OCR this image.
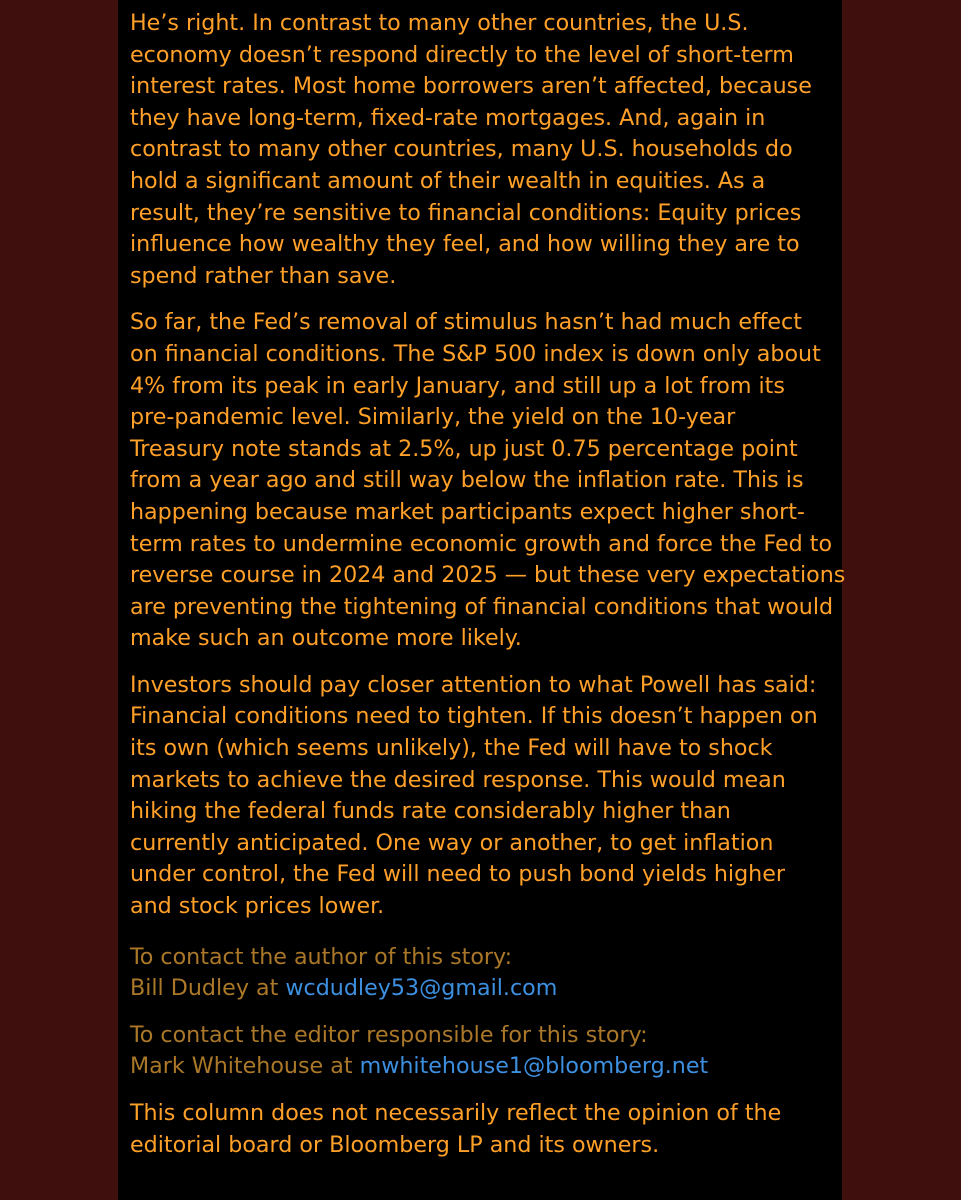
He’s right. In contrast to many other countries, the U.S.
economy doesn’t respond directly to the level of short-term
interest rates. Most home borrowers aren’t affected, because
they have long-term, fixed-rate mortgages. And, again in
contrast to many other countries, many U.S. households do
hold a significant amount of their wealth in equities. As a
result, they’re sensitive to financial conditions: Equity prices
influence how wealthy they feel, and how willing they are to
spend rather than save.
So far, the Fed’s removal of stimulus hasn’t had much effect
on financial conditions. The S&P 500 index is down only about
4% from its peak in early January, and still up a lot from its
pre-pandemic level. Similarly, the yield on the 10-year
Treasury note stands at 2.5%, up just 0.75 percentage point
from a year ago and still way below the inflation rate. This is
happening because market participants expect higher short-
term rates to undermine economic growth and force the Fed to
reverse course in 2024 and 2025 — but these very expectations
are preventing the tightening of financial conditions that would
make such an outcome more likely.
Investors should pay closer attention to what Powell has said:
Financial conditions need to tighten. If this doesn’t happen on
its own (which seems unlikely), the Fed will have to shock
markets to achieve the desired response. This would mean
hiking the federal funds rate considerably higher than
currently anticipated. One way or another, to get inflation
under control, the Fed will need to push bond yields higher
and stock prices lower.
To contact the author of this story:
Bill Dudley at wcdudley53@gmail.com
To contact the editor responsible for this story:
Mark Whitehouse at mwhitehouse1@bloomberg.net
This column does not necessarily reflect the opinion of the
editorial board or Bloomberg LP and its owners.
